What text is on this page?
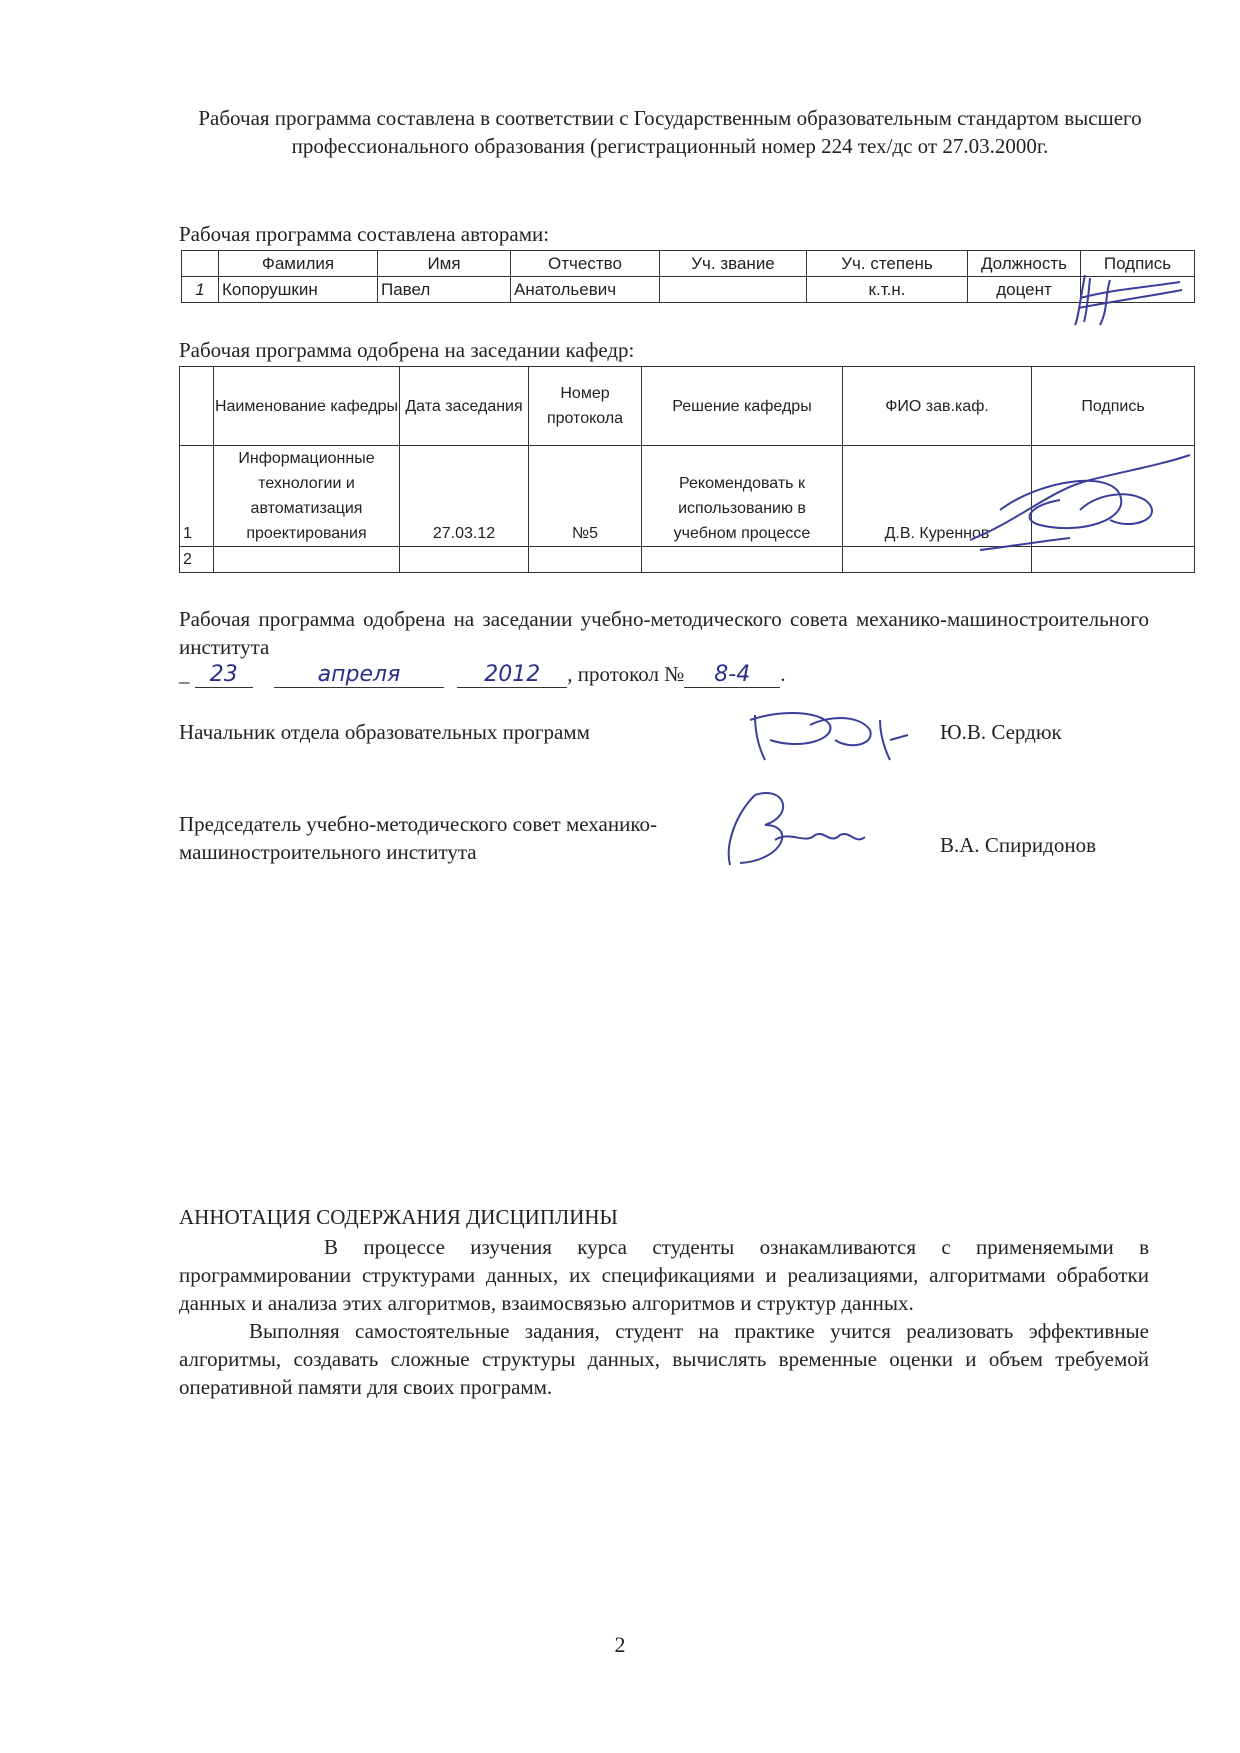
Рабочая программа составлена в соответствии с Государственным образовательным стандартом высшего профессионального образования (регистрационный номер 224 тех/дс от 27.03.2000г.
Рабочая программа составлена авторами:
	Фамилия	Имя	Отчество	Уч. звание	Уч. степень	Должность	Подпись
1	Копорушкин	Павел	Анатольевич		к.т.н.	доцент	
Рабочая программа одобрена на заседании кафедр:
	Наименование кафедры	Дата заседания	Номер протокола	Решение кафедры	ФИО зав.каф.	Подпись
1	Информационные технологии и автоматизация проектирования	27.03.12	№5	Рекомендовать к использованию в учебном процессе	Д.В. Куреннов	
2						
Рабочая программа одобрена на заседании учебно-методического совета механико-машиностроительного института
_ 23	апреля	2012 , протокол № 8-4 .
Начальник отдела образовательных программ	Ю.В. Сердюк
Председатель учебно-методического совет механико-машиностроительного института	В.А. Спиридонов
АННОТАЦИЯ СОДЕРЖАНИЯ ДИСЦИПЛИНЫ
В процессе изучения курса студенты ознакамливаются с применяемыми в программировании структурами данных, их спецификациями и реализациями, алгоритмами обработки данных и анализа этих алгоритмов, взаимосвязью алгоритмов и структур данных.
Выполняя самостоятельные задания, студент на практике учится реализовать эффективные алгоритмы, создавать сложные структуры данных, вычислять временные оценки и объем требуемой оперативной памяти для своих программ.
2
